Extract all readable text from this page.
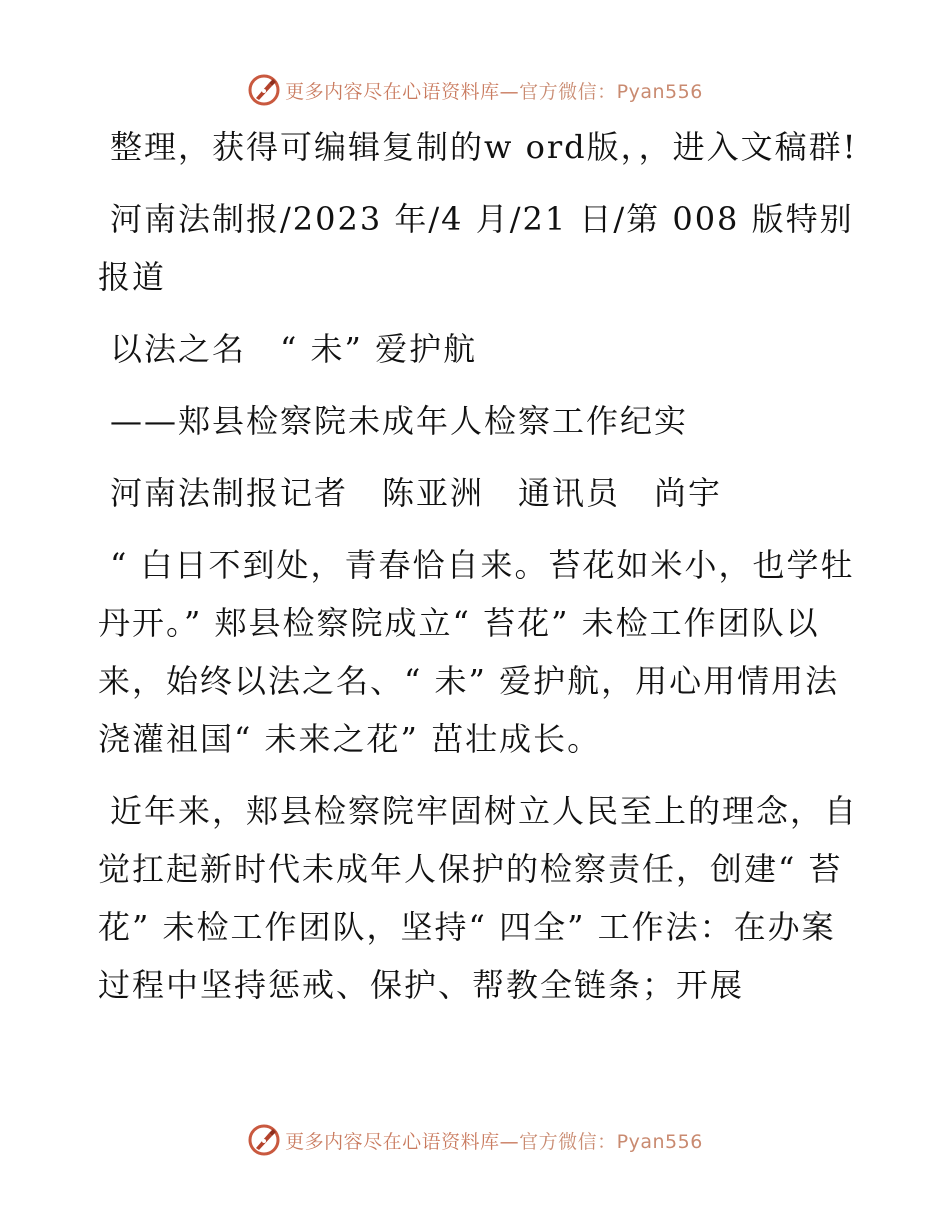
更多内容尽在心语资料库—官方微信：Pyan556

整理，获得可编辑复制的w ord版，，进入文稿群!

河南法制报/2023 年/4 月/21 日/第 008 版特别报道

以法之名　“ 未” 爱护航

——郏县检察院未成年人检察工作纪实

河南法制报记者　陈亚洲　通讯员　尚宇

“ 白日不到处，青春恰自来。苔花如米小，也学牡丹开。” 郏县检察院成立“ 苔花” 未检工作团队以来，始终以法之名、“ 未” 爱护航，用心用情用法浇灌祖国“ 未来之花” 茁壮成长。

近年来，郏县检察院牢固树立人民至上的理念，自觉扛起新时代未成年人保护的检察责任，创建“ 苔花” 未检工作团队，坚持“ 四全” 工作法：在办案过程中坚持惩戒、保护、帮教全链条；开展

更多内容尽在心语资料库—官方微信：Pyan556
